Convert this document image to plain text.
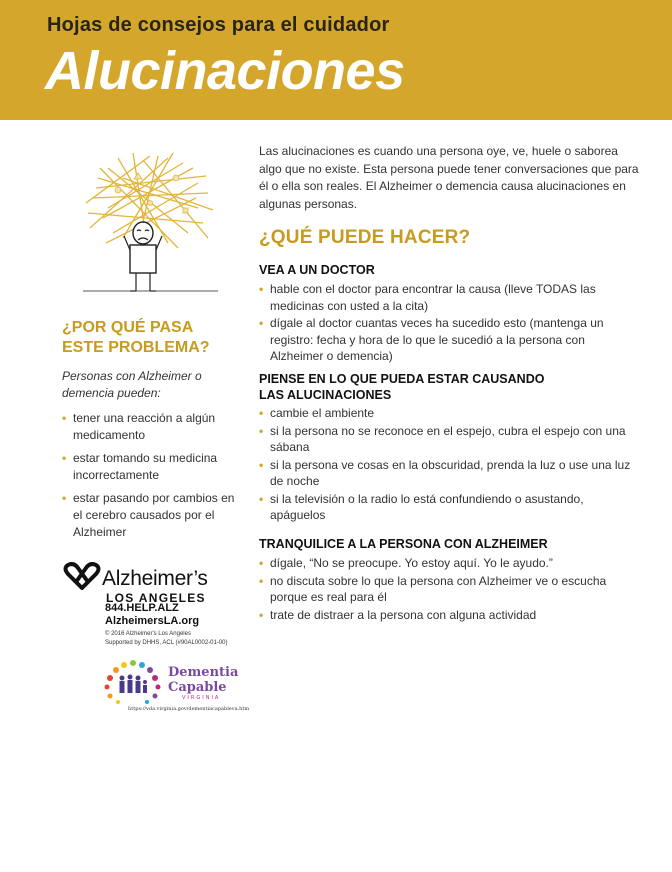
Hojas de consejos para el cuidador
Alucinaciones
¿POR QUÉ PASA
ESTE PROBLEMA?
Personas con Alzheimer o demencia pueden:
• tener una reacción a algún medicamento
• estar tomando su medicina incorrectamente
• estar pasando por cambios en el cerebro causados por el Alzheimer
Alzheimer’s
LOS ANGELES
844.HELP.ALZ
AlzheimersLA.org
© 2016 Alzheimer's Los Angeles
Supported by DHHS, ACL (#90AL0002-01-00)
Dementia
Capable
VIRGINIA
https://vda.virginia.gov/dementiacapableva.htm
Las alucinaciones es cuando una persona oye, ve, huele o saborea algo que no existe. Esta persona puede tener conversaciones que para él o ella son reales. El Alzheimer o demencia causa alucinaciones en algunas personas.
¿QUÉ PUEDE HACER?
VEA A UN DOCTOR
• hable con el doctor para encontrar la causa (lleve TODAS las medicinas con usted a la cita)
• dígale al doctor cuantas veces ha sucedido esto (mantenga un registro: fecha y hora de lo que le sucedió a la persona con Alzheimer o demencia)
PIENSE EN LO QUE PUEDA ESTAR CAUSANDO LAS ALUCINACIONES
• cambie el ambiente
• si la persona no se reconoce en el espejo, cubra el espejo con una sábana
• si la persona ve cosas en la obscuridad, prenda la luz o use una luz de noche
• si la televisión o la radio lo está confundiendo o asustando, apáguelos
TRANQUILICE A LA PERSONA CON ALZHEIMER
• dígale, “No se preocupe. Yo estoy aquí. Yo le ayudo.”
• no discuta sobre lo que la persona con Alzheimer ve o escucha porque es real para él
• trate de distraer a la persona con alguna actividad
